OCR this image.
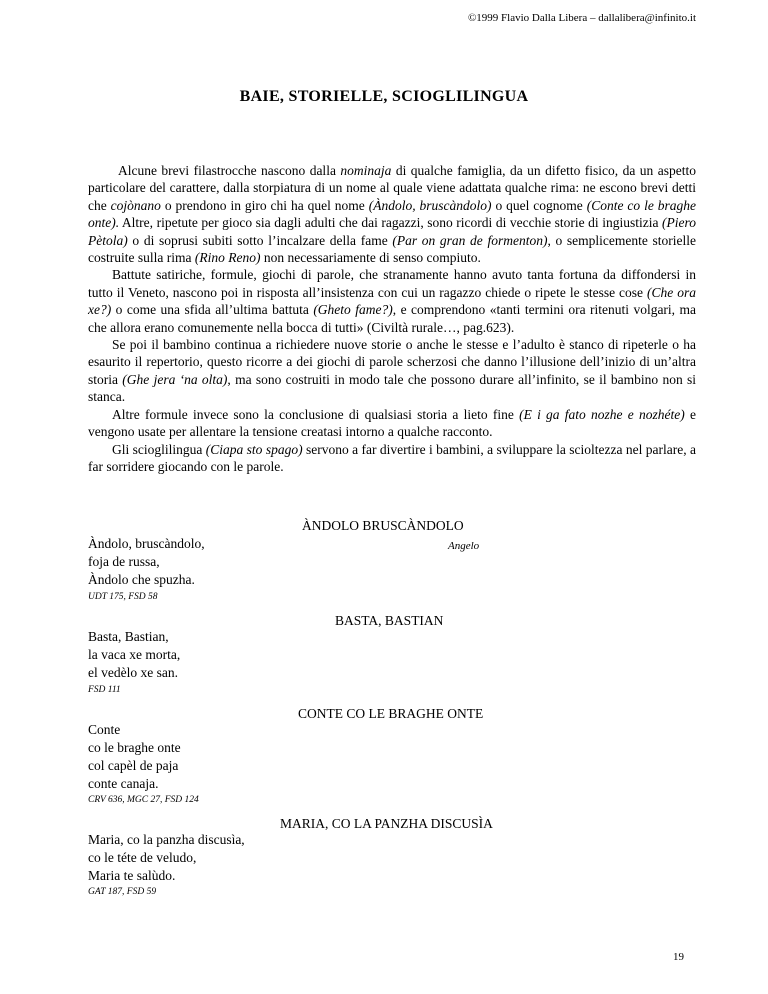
©1999 Flavio Dalla Libera – dallalibera@infinito.it
BAIE, STORIELLE, SCIOGLILINGUA

Alcune brevi filastrocche nascono dalla nominaja di qualche famiglia, da un difetto fisico, da un aspetto particolare del carattere, dalla storpiatura di un nome al quale viene adattata qualche rima: ne escono brevi detti che cojònano o prendono in giro chi ha quel nome (Àndolo, bruscàndolo) o quel cognome (Conte co le braghe onte). Altre, ripetute per gioco sia dagli adulti che dai ragazzi, sono ricordi di vecchie storie di ingiustizia (Piero Pètola) o di soprusi subiti sotto l’incalzare della fame (Par on gran de formenton), o semplicemente storielle costruite sulla rima (Rino Reno) non necessariamente di senso compiuto.

Battute satiriche, formule, giochi di parole, che stranamente hanno avuto tanta fortuna da diffondersi in tutto il Veneto, nascono poi in risposta all’insistenza con cui un ragazzo chiede o ripete le stesse cose (Che ora xe?) o come una sfida all’ultima battuta (Gheto fame?), e comprendono «tanti termini ora ritenuti volgari, ma che allora erano comunemente nella bocca di tutti» (Civiltà rurale…, pag.623).

Se poi il bambino continua a richiedere nuove storie o anche le stesse e l’adulto è stanco di ripeterle o ha esaurito il repertorio, questo ricorre a dei giochi di parole scherzosi che danno l’illusione dell’inizio di un’altra storia (Ghe jera ‘na olta), ma sono costruiti in modo tale che possono durare all’infinito, se il bambino non si stanca.

Altre formule invece sono la conclusione di qualsiasi storia a lieto fine (E i ga fato nozhe e nozhéte) e vengono usate per allentare la tensione creatasi intorno a qualche racconto.

Gli scioglilingua (Ciapa sto spago) servono a far divertire i bambini, a sviluppare la scioltezza nel parlare, a far sorridere giocando con le parole.

ÀNDOLO BRUSCÀNDOLO
Angelo
Àndolo, bruscàndolo,
foja de russa,
Àndolo che spuzha.
UDT 175, FSD 58
BASTA, BASTIAN
Basta, Bastian,
la vaca xe morta,
el vedèlo xe san.
FSD 111
CONTE CO LE BRAGHE ONTE
Conte
co le braghe onte
col capèl de paja
conte canaja.
CRV 636, MGC 27, FSD 124
MARIA, CO LA PANZHA DISCUSÌA
Maria, co la panzha discusìa,
co le téte de veludo,
Maria te salùdo.
GAT 187, FSD 59
19
